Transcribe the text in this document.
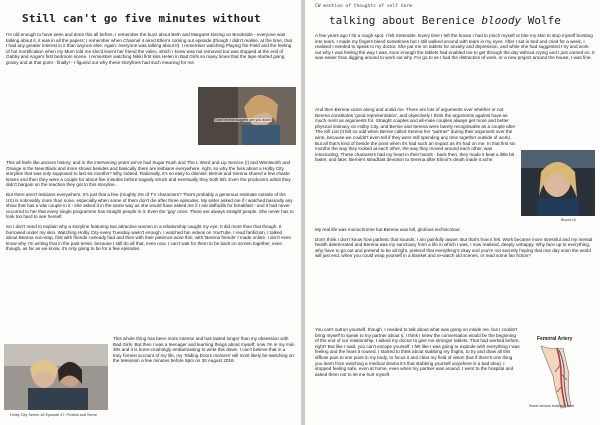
Still can't go five minutes without

I'm old enough to have seen and done this all before. I remember the buzz about Beth and Margaret kissing on Brookside - everyone was talking about it, it was in all the papers; I remember when Channel 4 aired Ellen's coming out episode (though I didn't realise, at the time, that I had any greater interest in it than anyone else. Again: everyone was talking about it). I remember watching Playing the Field and the feeling of hot mortification when my Mum told me she'd learnt her friend the video, which I knew was not removed but was stopped at the end of Gabby and Angie's first bedroom scene. I remember watching Nikki first kiss Helen in Bad Girls so many times that the tape started going grainy and at that point - finally! - I figured out why these storylines had such meaning for me.

"Don't let the buggers get you down"

This all feels like ancient history, and in the intervening years we've had Sugar Rush and The L Word and Lip Service (!) and Wentworth and Orange is the New Black and more shows besides and basically there are lesbians everywhere, right, so why the fuss about a Holby City storyline that was only supposed to last six months? Why indeed. Rationally, it's so easy to dismiss: Bernie and Serena shared a few chaste kisses and then they were a couple for about five minutes before tragedy struck and eventually they both left. Even the producers admit they didn't bargain on the reaction they got to this storyline.

But there aren't lesbians everywhere. It's just that a few (roughly 2% of TV characters? That's probably a generous estimate outside of the US) is noticeably more than none, especially when some of them don't die after three episodes. My sister asked me if I watched basically any show that has a wlw couple in it - she asked it in the same way as she would have asked me if I eat daffodils for breakfast - and it had never occurred to her that every single programme has straight people in it. Even the 'gay' ones. There are always straight people. She never has to look too hard to see herself.

So I don't need to explain why a storyline featuring two attractive women in a relationship caught my eye. It did more than that though. It burrowed under my skin. Watching Holby City every Tuesday wasn't enough. I watched fan videos on YouTube, I read fanfiction, I talked about Berena non-stop, first with friends I already had and then with their patience wore thin, with 'Berena friends' I made online. I don't even know why I'm writing that in the past tense, because I still do all that, even now. I can't wait for them to be back on screen together, even though, as far as we know, it's only going to be for a few episodes

Holby City Series 18 Episode 47: Protect and Serve

This whole thing has been more intense and has lasted longer than my obsession with Bad Girls. But then I was a teenager and learning things about myself; now I'm in my mid-30s and it is bone-crushingly embarrassing to write this down. I can't believe that in a truly honest account of my life, my 'Sliding Doors moment' will most likely be switching on the television a few minutes before 9pm on 30 August 2016.

CW mention of thoughts of self harm
talking about Berenice bloody Wolfe

A few years ago I hit a rough spot. I felt miserable. Every time I left the house I had to pinch myself or bite my skin to stop myself bursting into tears. I made my fingers bleed sometimes but I still walked around with tears in my eyes. After I sat in bed and cried for a week, I realised I needed to speak to my doctor. She put me on tablets for anxiety and depression, and while she had suggested I try and work out why I was feeling the way I was, soon enough the tablets had enabled me to get through the day without crying and I just carried on. It was easier than digging around to work out why. For go to as I had the distraction of work, or a new project around the house, I was fine.

And then Berena came along and undid me. There are lots of arguments over whether or not Berena constitutes 'good representation', and objectively I think the arguments against have as much merit as arguments for. Straight couples and all-male couples always get more and better physical intimacy on Holby City, and Bernie and Serena were barely recognisable as a couple after The Kill List (it felt so odd when Bernie called Serena her "partner" during their argument over the wine, because we couldn't even tell if they were still spending any time together outside of work). But all that's kind of beside the point when it's had such an impact as it's had on me. In that first six months the way they looked at each other, the way they moved around each other, was intoxicating. These characters had my heart in their hands - back then, they made it beat a little bit faster, and later, Bernie's steadfast devotion to Serena after Elinor's death made it ache.

Blood x3

My real life was monochrome but Berena was full, glorious technicolour.

Don't think I don't know how pathetic that sounds. I am painfully aware. But that's how it felt. Work became more stressful and my mental health deteriorated and Berena was my sanctuary from a life in which I was, I now realised, deeply unhappy. Why face up to everything, why have to go out and pretend to be all right, pretend that everything's okay and you're not secretly hoping that one day soon the world will just end, when you could wrap yourself in a blanket and re-watch old scenes, or read some fan fiction?

You can't outrun yourself, though. I needed to talk about what was going on inside me, but I couldn't bring myself to speak to my partner about it. I think I knew the conversation would be the beginning of the end of our relationship. I asked my doctor to give me stronger tablets. That had worked before, right? But like I said, you can't escape yourself. I felt like I was going to explode with everything I was feeling and the fears it roused. I started to think about stabbing my thighs, to try and draw all this diffuse pain to one point in my body, to focus it and clear my field of vision (but if there's one thing you learn from watching a medical drama it's that stabbing yourself anywhere is a bad idea). I stopped feeling safe, even at home, even when my partner was around. I went to the hospital and asked them not to let me hurt myself.

Femoral Artery
Some serious business here
